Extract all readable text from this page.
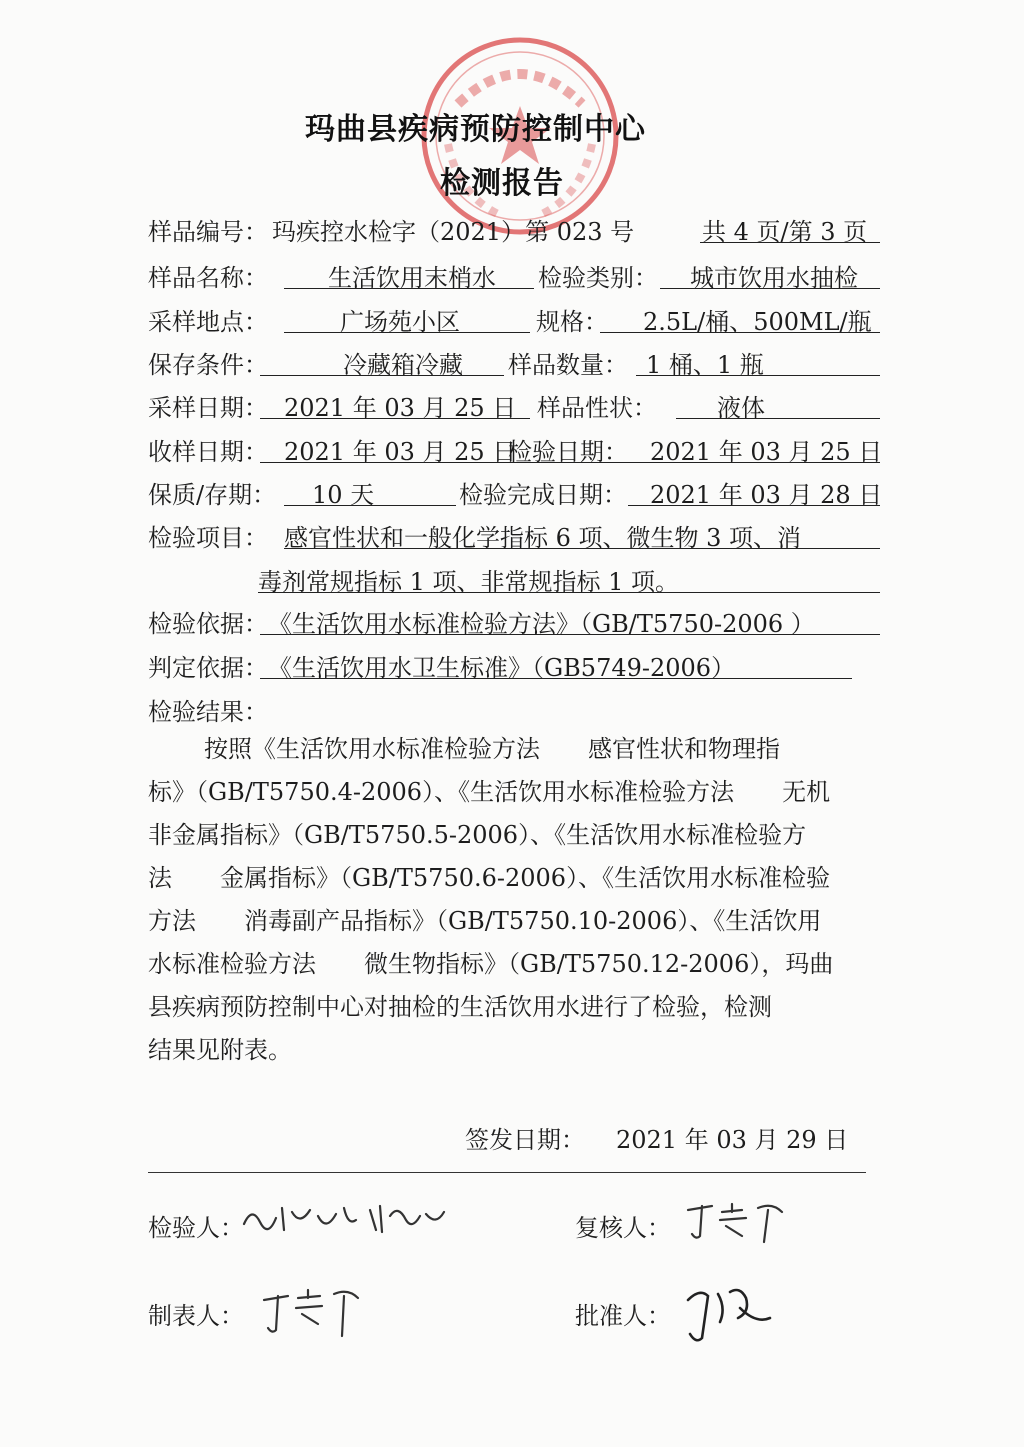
玛曲县疾病预防控制中心
检测报告
样品编号： 玛疾控水检字（2021）第 023 号	共 4 页/第 3 页
样品名称：	生活饮用末梢水 检验类别： 城市饮用水抽检
采样地点：	广场苑小区	规格： 2.5L/桶、500ML/瓶
保存条件：	冷藏箱冷藏 样品数量： 1 桶、1 瓶
采样日期： 2021 年 03 月 25 日 样品性状：	液体
收样日期： 2021 年 03 月 25 日
检验日期： 2021 年 03 月 25 日
保质/存期： 10 天	检验完成日期： 2021 年 03 月 28 日
检验项目： 感官性状和一般化学指标 6 项、微生物 3 项、消
毒剂常规指标 1 项、非常规指标 1 项。
检验依据： 《生活饮用水标准检验方法》（GB/T5750-2006 ）
判定依据： 《生活饮用水卫生标准》（GB5749-2006）
检验结果：
按照《生活饮用水标准检验方法　　感官性状和物理指
标》（GB/T5750.4-2006）、《生活饮用水标准检验方法　　无机
非金属指标》（GB/T5750.5-2006）、《生活饮用水标准检验方
法　　金属指标》（GB/T5750.6-2006）、《生活饮用水标准检验
方法　　消毒副产品指标》（GB/T5750.10-2006）、《生活饮用
水标准检验方法　　微生物指标》（GB/T5750.12-2006），玛曲
县疾病预防控制中心对抽检的生活饮用水进行了检验，检测
结果见附表。
签发日期： 2021 年 03 月 29 日
检验人：	复核人：
制表人：	批准人：
